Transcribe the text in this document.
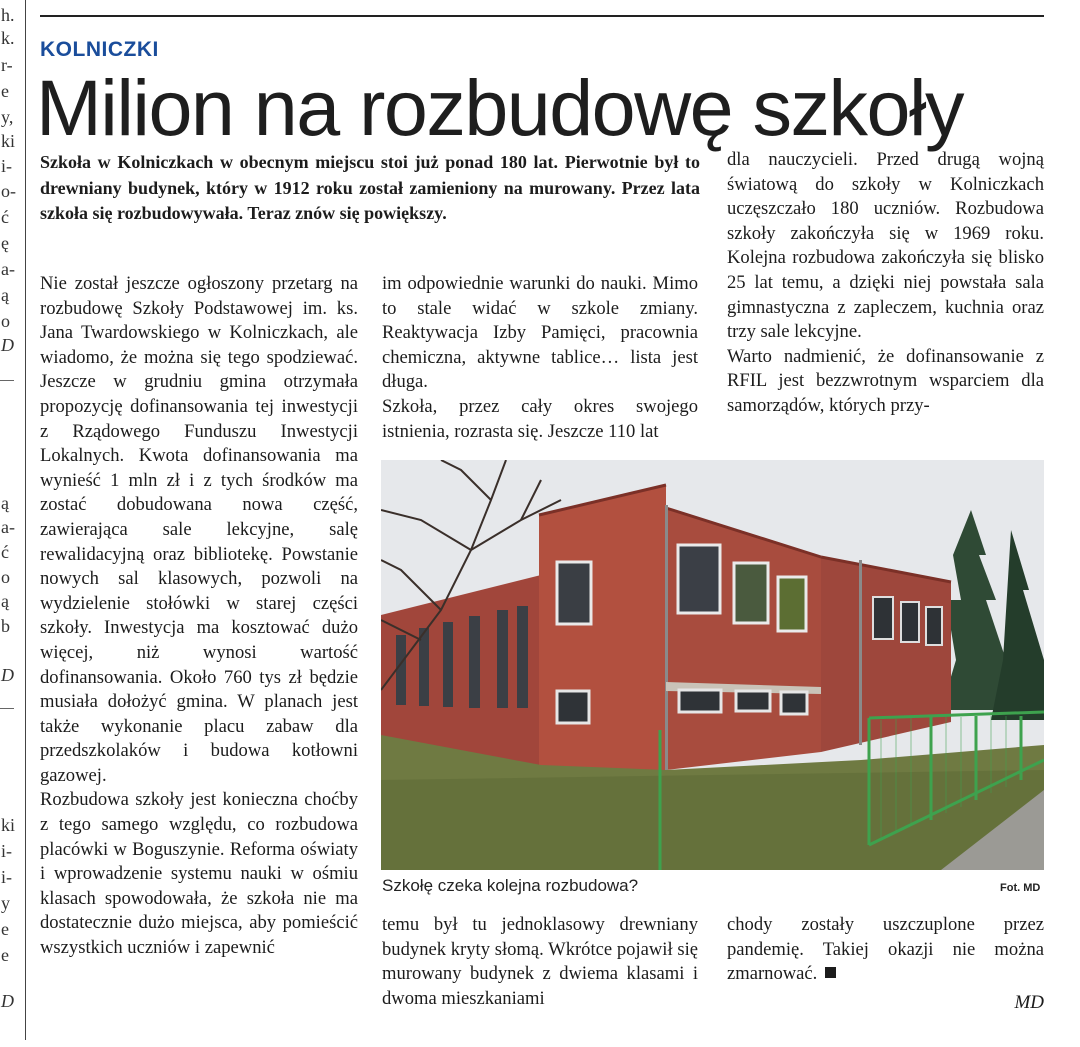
h.
k.
r-
e
y,
ki
i-
o-
ć
ę
a-
ą
o
D
ą
a-
ć
o
ą
b
D
ki
i-
i-
y
e
e
D
KOLNICZKI
Milion na rozbudowę szkoły
Szkoła w Kolniczkach w obecnym miejscu stoi już ponad 180 lat. Pierwotnie był to drewniany budynek, który w 1912 roku został zamieniony na murowany. Przez lata szkoła się rozbudowywała. Teraz znów się powiększy.

Nie został jeszcze ogłoszony przetarg na rozbudowę Szkoły Podstawowej im. ks. Jana Twardowskiego w Kolniczkach, ale wiadomo, że można się tego spodziewać. Jeszcze w grudniu gmina otrzymała propozycję dofinansowania tej inwestycji z Rządowego Funduszu Inwestycji Lokalnych. Kwota dofinansowania ma wynieść 1 mln zł i z tych środków ma zostać dobudowana nowa część, zawierająca sale lekcyjne, salę rewalidacyjną oraz bibliotekę. Powstanie nowych sal klasowych, pozwoli na wydzielenie stołówki w starej części szkoły. Inwestycja ma kosztować dużo więcej, niż wynosi wartość dofinansowania. Około 760 tys zł będzie musiała dołożyć gmina. W planach jest także wykonanie placu zabaw dla przedszkolaków i budowa kotłowni gazowej.

Rozbudowa szkoły jest konieczna choćby z tego samego względu, co rozbudowa placówki w Boguszynie. Reforma oświaty i wprowadzenie systemu nauki w ośmiu klasach spowodowała, że szkoła nie ma dostatecznie dużo miejsca, aby pomieścić wszystkich uczniów i zapewnić

im odpowiednie warunki do nauki. Mimo to stale widać w szkole zmiany. Reaktywacja Izby Pamięci, pracownia chemiczna, aktywne tablice… lista jest długa.

Szkoła, przez cały okres swojego istnienia, rozrasta się. Jeszcze 110 lat

dla nauczycieli. Przed drugą wojną światową do szkoły w Kolniczkach uczęszczało 180 uczniów. Rozbudowa szkoły zakończyła się w 1969 roku. Kolejna rozbudowa zakończyła się blisko 25 lat temu, a dzięki niej powstała sala gimnastyczna z zapleczem, kuchnia oraz trzy sale lekcyjne.

Warto nadmienić, że dofinansowanie z RFIL jest bezzwrotnym wsparciem dla samorządów, których przy-

Szkołę czeka kolejna rozbudowa?	Fot. MD

temu był tu jednoklasowy drewniany budynek kryty słomą. Wkrótce pojawił się murowany budynek z dwiema klasami i dwoma mieszkaniami

chody zostały uszczuplone przez pandemię. Takiej okazji nie można zmarnować.

MD
